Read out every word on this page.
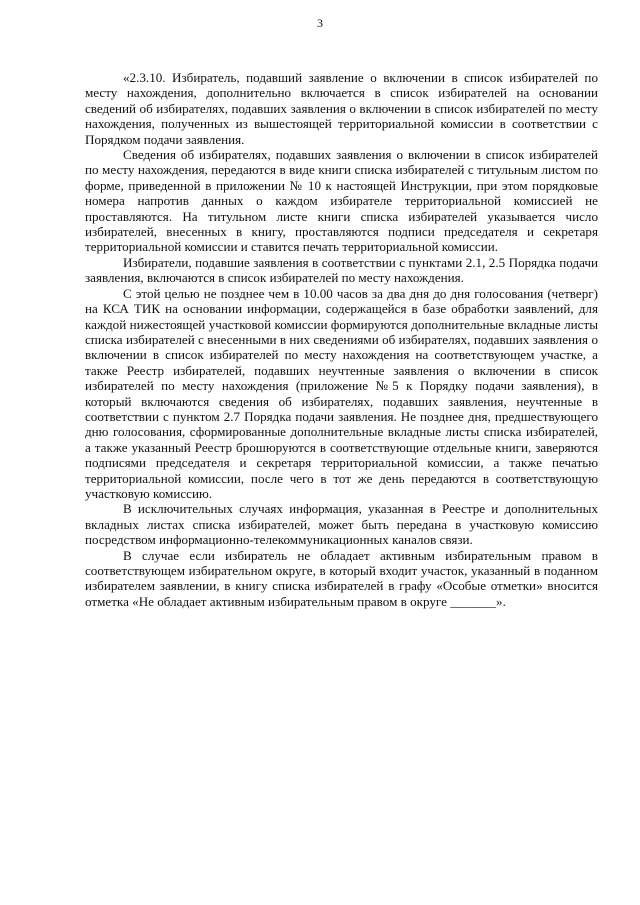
3

«2.3.10. Избиратель, подавший заявление о включении в список избирателей по месту нахождения, дополнительно включается в список избирателей на основании сведений об избирателях, подавших заявления о включении в список избирателей по месту нахождения, полученных из вышестоящей территориальной комиссии в соответствии с Порядком подачи заявления.

Сведения об избирателях, подавших заявления о включении в список избирателей по месту нахождения, передаются в виде книги списка избирателей с титульным листом по форме, приведенной в приложении № 10 к настоящей Инструкции, при этом порядковые номера напротив данных о каждом избирателе территориальной комиссией не проставляются. На титульном листе книги списка избирателей указывается число избирателей, внесенных в книгу, проставляются подписи председателя и секретаря территориальной комиссии и ставится печать территориальной комиссии.

Избиратели, подавшие заявления в соответствии с пунктами 2.1, 2.5 Порядка подачи заявления, включаются в список избирателей по месту нахождения.

С этой целью не позднее чем в 10.00 часов за два дня до дня голосования (четверг) на КСА ТИК на основании информации, содержащейся в базе обработки заявлений, для каждой нижестоящей участковой комиссии формируются дополнительные вкладные листы списка избирателей с внесенными в них сведениями об избирателях, подавших заявления о включении в список избирателей по месту нахождения на соответствующем участке, а также Реестр избирателей, подавших неучтенные заявления о включении в список избирателей по месту нахождения (приложение №5 к Порядку подачи заявления), в который включаются сведения об избирателях, подавших заявления, неучтенные в соответствии с пунктом 2.7 Порядка подачи заявления. Не позднее дня, предшествующего дню голосования, сформированные дополнительные вкладные листы списка избирателей, а также указанный Реестр брошюруются в соответствующие отдельные книги, заверяются подписями председателя и секретаря территориальной комиссии, а также печатью территориальной комиссии, после чего в тот же день передаются в соответствующую участковую комиссию.

В исключительных случаях информация, указанная в Реестре и дополнительных вкладных листах списка избирателей, может быть передана в участковую комиссию посредством информационно-телекоммуникационных каналов связи.

В случае если избиратель не обладает активным избирательным правом в соответствующем избирательном округе, в который входит участок, указанный в поданном избирателем заявлении, в книгу списка избирателей в графу «Особые отметки» вносится отметка «Не обладает активным избирательным правом в округе _______».
